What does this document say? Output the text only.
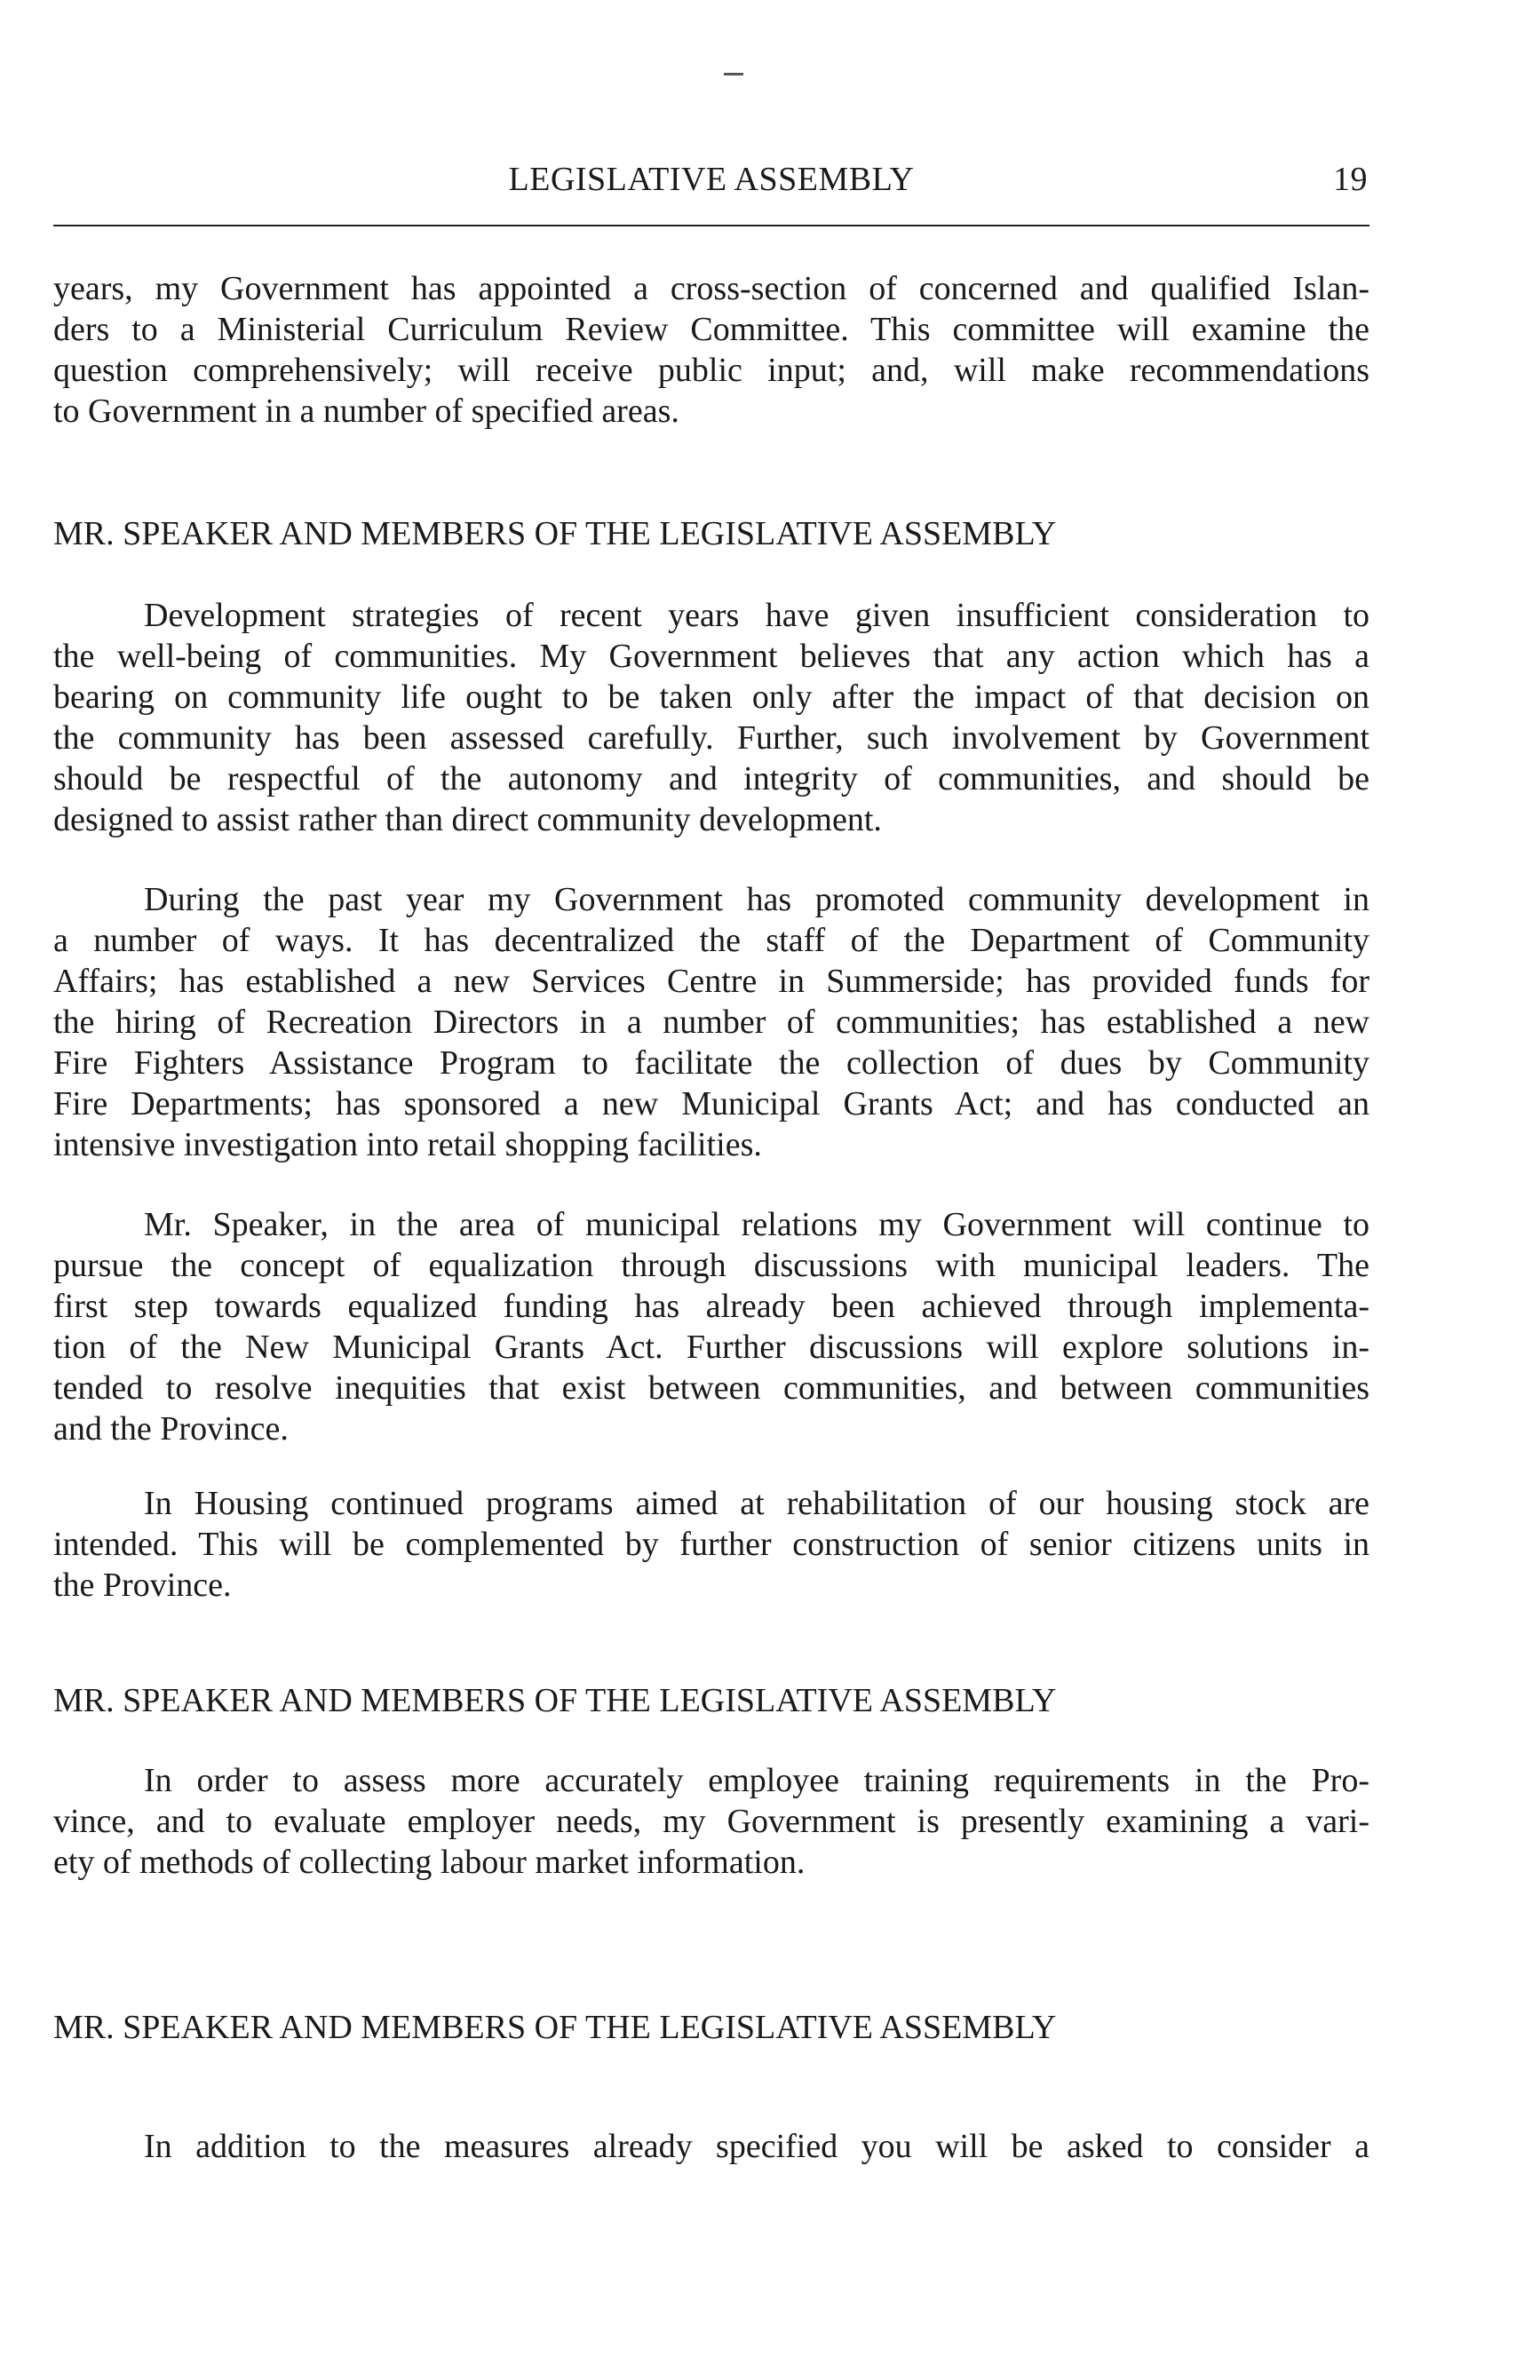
LEGISLATIVE ASSEMBLY	19
years, my Government has appointed a cross-section of concerned and qualified Islan-
ders to a Ministerial Curriculum Review Committee. This committee will examine the
question comprehensively; will receive public input; and, will make recommendations
to Government in a number of specified areas.
MR. SPEAKER AND MEMBERS OF THE LEGISLATIVE ASSEMBLY
Development strategies of recent years have given insufficient consideration to
the well-being of communities. My Government believes that any action which has a
bearing on community life ought to be taken only after the impact of that decision on
the community has been assessed carefully. Further, such involvement by Government
should be respectful of the autonomy and integrity of communities, and should be
designed to assist rather than direct community development.
During the past year my Government has promoted community development in
a number of ways. It has decentralized the staff of the Department of Community
Affairs; has established a new Services Centre in Summerside; has provided funds for
the hiring of Recreation Directors in a number of communities; has established a new
Fire Fighters Assistance Program to facilitate the collection of dues by Community
Fire Departments; has sponsored a new Municipal Grants Act; and has conducted an
intensive investigation into retail shopping facilities.
Mr. Speaker, in the area of municipal relations my Government will continue to
pursue the concept of equalization through discussions with municipal leaders. The
first step towards equalized funding has already been achieved through implementa-
tion of the New Municipal Grants Act. Further discussions will explore solutions in-
tended to resolve inequities that exist between communities, and between communities
and the Province.
In Housing continued programs aimed at rehabilitation of our housing stock are
intended. This will be complemented by further construction of senior citizens units in
the Province.
MR. SPEAKER AND MEMBERS OF THE LEGISLATIVE ASSEMBLY
In order to assess more accurately employee training requirements in the Pro-
vince, and to evaluate employer needs, my Government is presently examining a vari-
ety of methods of collecting labour market information.
MR. SPEAKER AND MEMBERS OF THE LEGISLATIVE ASSEMBLY
In addition to the measures already specified you will be asked to consider a
